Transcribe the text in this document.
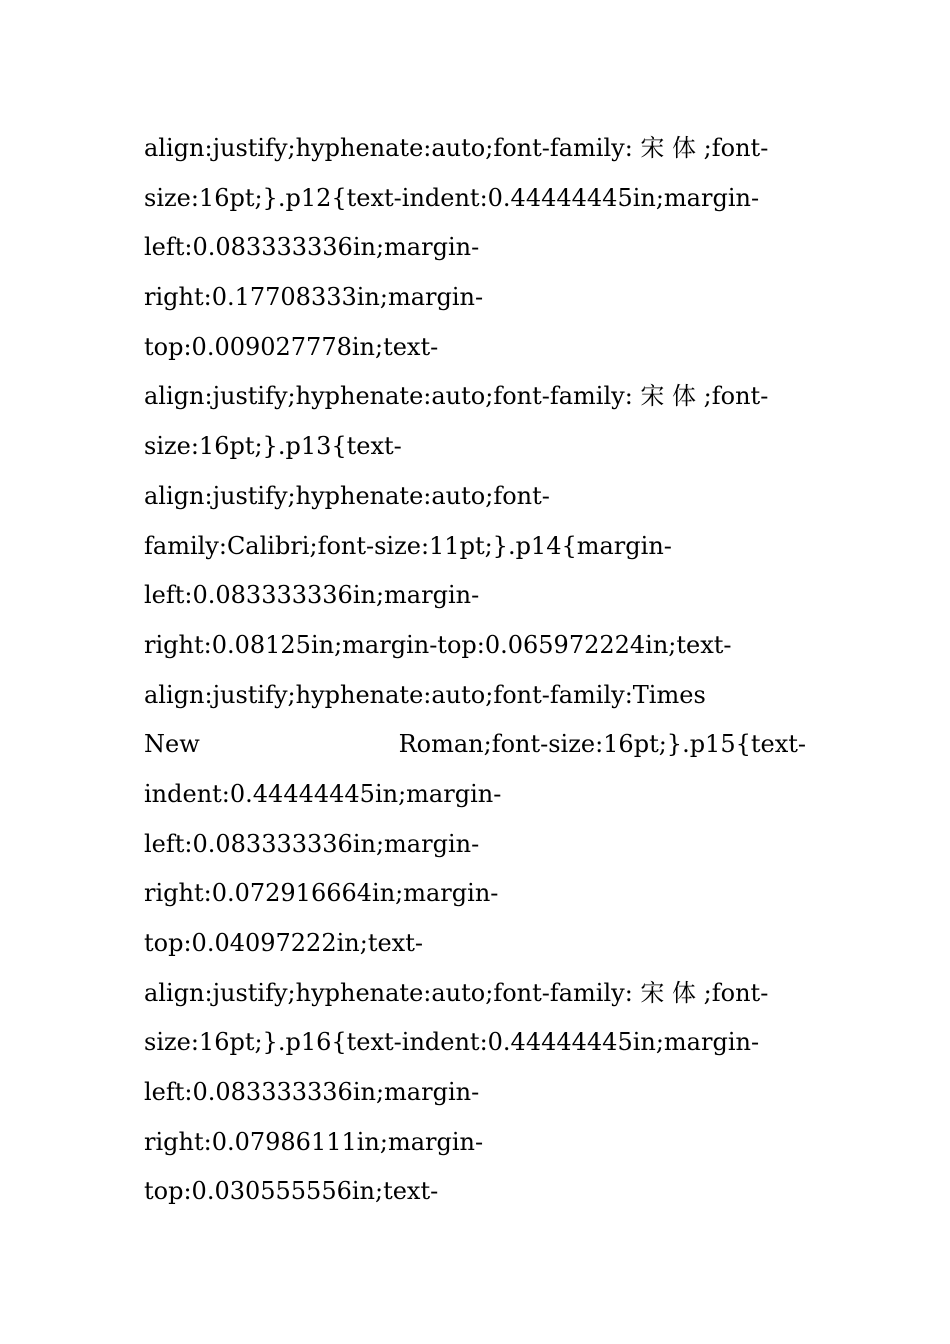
align:justify;hyphenate:auto;font-family: 宋 体 ;font-
size:16pt;}.p12{text-indent:0.44444445in;margin-
left:0.083333336in;margin-
right:0.17708333in;margin-
top:0.009027778in;text-
align:justify;hyphenate:auto;font-family: 宋 体 ;font-
size:16pt;}.p13{text-
align:justify;hyphenate:auto;font-
family:Calibri;font-size:11pt;}.p14{margin-
left:0.083333336in;margin-
right:0.08125in;margin-top:0.065972224in;text-
align:justify;hyphenate:auto;font-family:Times
New	Roman;font-size:16pt;}.p15{text-
indent:0.44444445in;margin-
left:0.083333336in;margin-
right:0.072916664in;margin-
top:0.04097222in;text-
align:justify;hyphenate:auto;font-family: 宋 体 ;font-
size:16pt;}.p16{text-indent:0.44444445in;margin-
left:0.083333336in;margin-
right:0.07986111in;margin-
top:0.030555556in;text-
